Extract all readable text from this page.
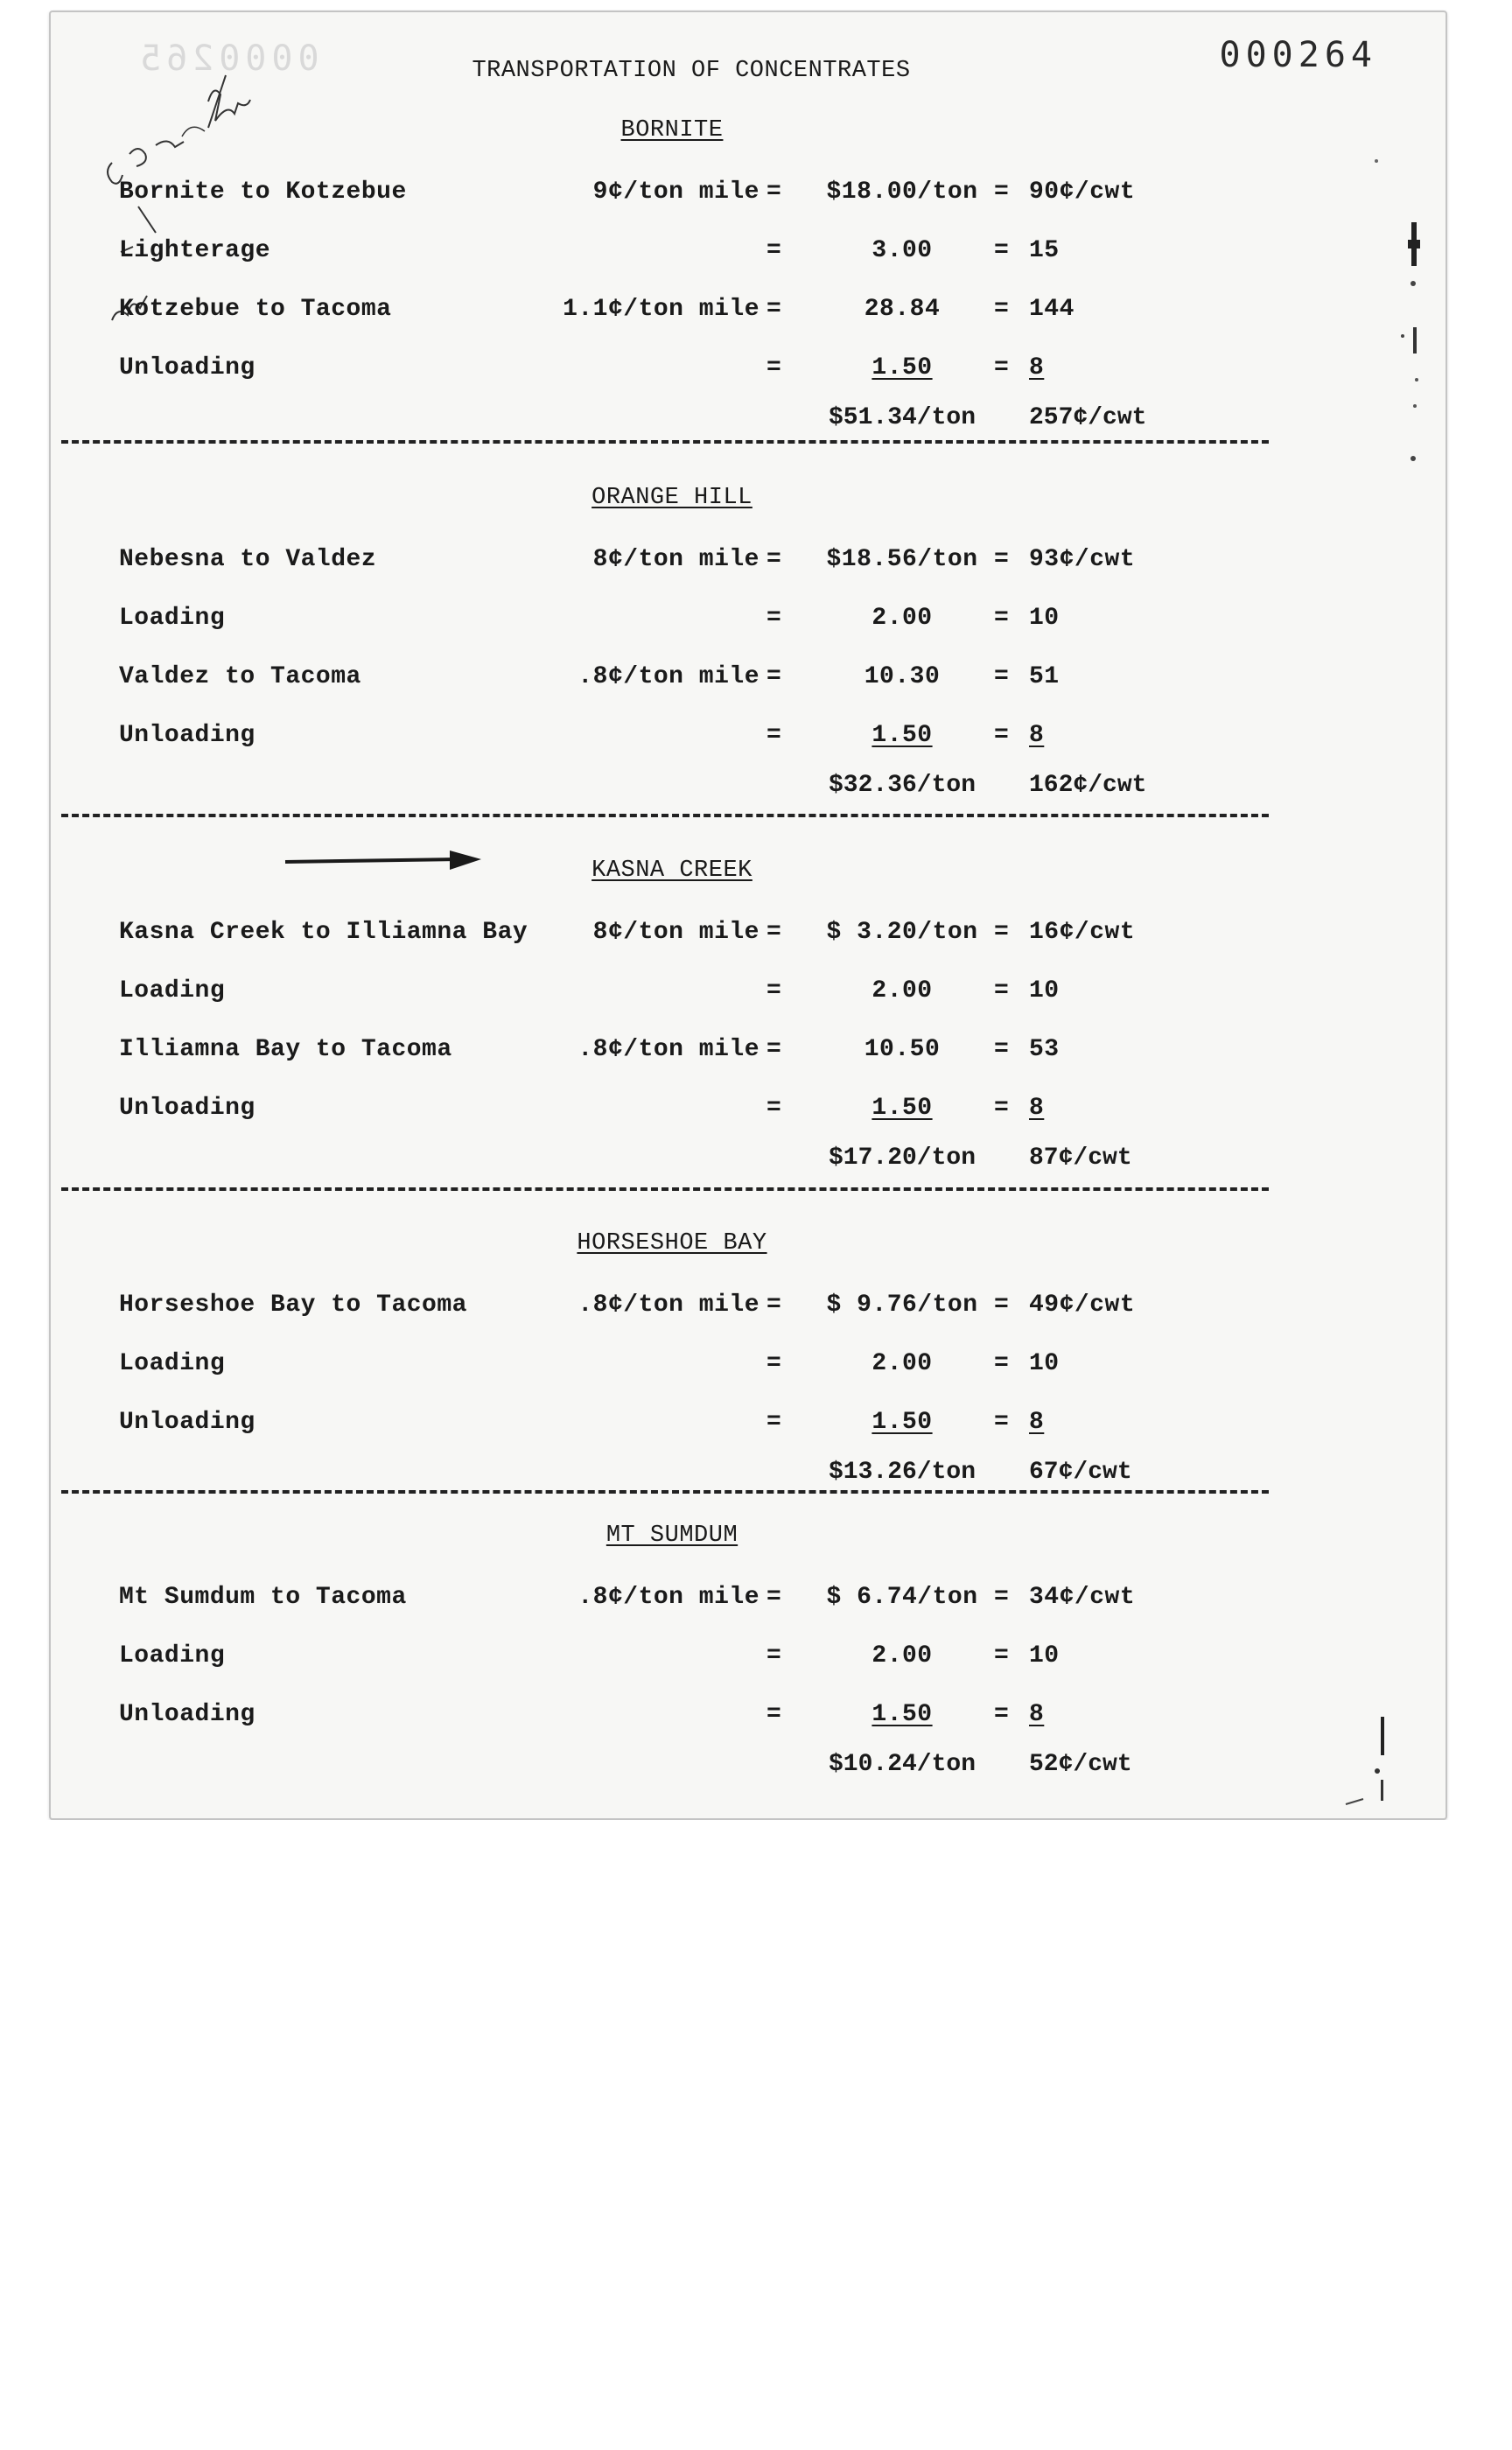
0000265	000264
TRANSPORTATION OF CONCENTRATES
BORNITE
Bornite to Kotzebue	9¢/ton mile =	$18.00/ton = 90¢/cwt
Lighterage	=	3.00	= 15
Kotzebue to Tacoma	1.1¢/ton mile =	28.84	= 144
Unloading	=	1.50	= 8
$51.34/ton	257¢/cwt
ORANGE HILL
Nebesna to Valdez	8¢/ton mile =	$18.56/ton = 93¢/cwt
Loading	=	2.00	= 10
Valdez to Tacoma	.8¢/ton mile =	10.30	= 51
Unloading	=	1.50	= 8
$32.36/ton	162¢/cwt
KASNA CREEK
Kasna Creek to Illiamna Bay	8¢/ton mile =	$ 3.20/ton = 16¢/cwt
Loading	=	2.00	= 10
Illiamna Bay to Tacoma	.8¢/ton mile =	10.50	= 53
Unloading	=	1.50	= 8
$17.20/ton	87¢/cwt
HORSESHOE BAY
Horseshoe Bay to Tacoma	.8¢/ton mile =	$ 9.76/ton = 49¢/cwt
Loading	=	2.00	= 10
Unloading	=	1.50	= 8
$13.26/ton	67¢/cwt
MT SUMDUM
Mt Sumdum to Tacoma	.8¢/ton mile =	$ 6.74/ton = 34¢/cwt
Loading	=	2.00	= 10
Unloading	=	1.50	= 8
$10.24/ton	52¢/cwt
